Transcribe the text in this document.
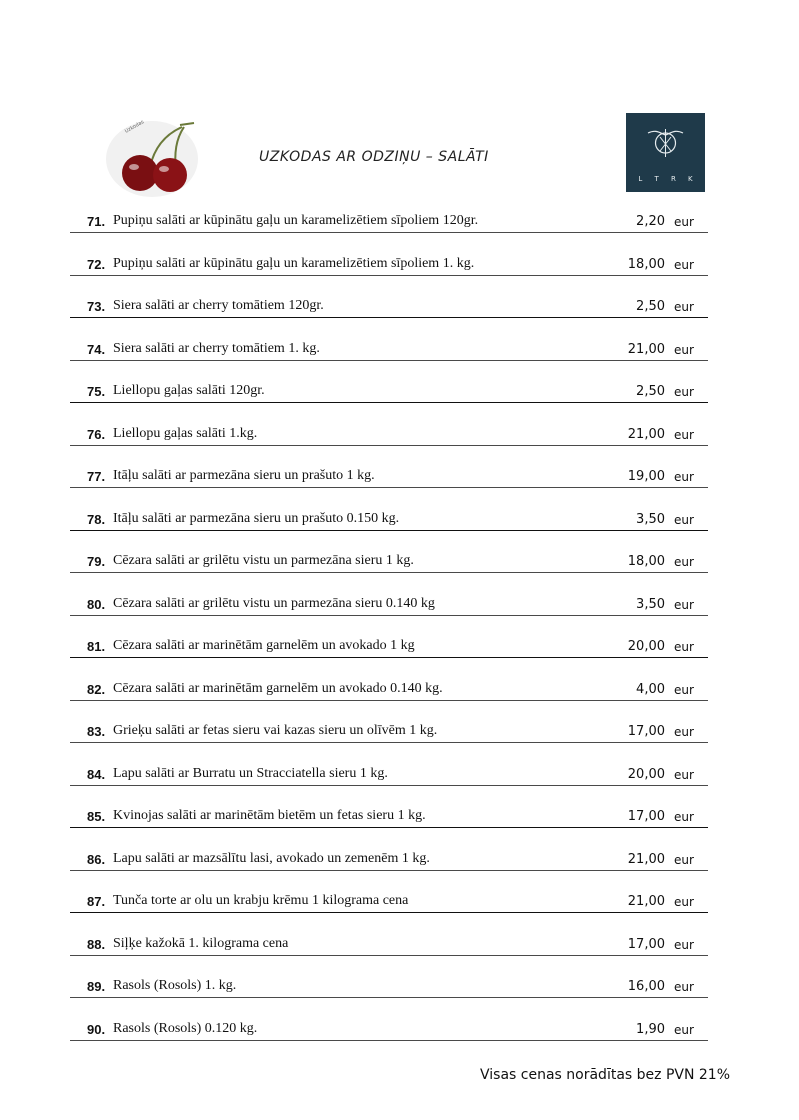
Uzkodas
UZKODAS AR ODZIŅU – SALĀTI
L T R K
71. Pupiņu salāti ar kūpinātu gaļu un karamelizētiem sīpoliem 120gr.	2,20 eur
72. Pupiņu salāti ar kūpinātu gaļu un karamelizētiem sīpoliem 1. kg.	18,00 eur
73. Siera salāti ar cherry tomātiem 120gr.	2,50 eur
74. Siera salāti ar cherry tomātiem 1. kg.	21,00 eur
75. Liellopu gaļas salāti 120gr.	2,50 eur
76. Liellopu gaļas salāti 1.kg.	21,00 eur
77. Itāļu salāti ar parmezāna sieru un prašuto 1 kg.	19,00 eur
78. Itāļu salāti ar parmezāna sieru un prašuto 0.150 kg.	3,50 eur
79. Cēzara salāti ar grilētu vistu un parmezāna sieru 1 kg.	18,00 eur
80. Cēzara salāti ar grilētu vistu un parmezāna sieru 0.140 kg	3,50 eur
81. Cēzara salāti ar marinētām garnelēm un avokado 1 kg	20,00 eur
82. Cēzara salāti ar marinētām garnelēm un avokado 0.140 kg.	4,00 eur
83. Grieķu salāti ar fetas sieru vai kazas sieru un olīvēm 1 kg.	17,00 eur
84. Lapu salāti ar Burratu un Stracciatella sieru 1 kg.	20,00 eur
85. Kvinojas salāti ar marinētām bietēm un fetas sieru 1 kg.	17,00 eur
86. Lapu salāti ar mazsālītu lasi, avokado un zemenēm 1 kg.	21,00 eur
87. Tunča torte ar olu un krabju krēmu 1 kilograma cena	21,00 eur
88. Siļķe kažokā 1. kilograma cena	17,00 eur
89. Rasols (Rosols) 1. kg.	16,00 eur
90. Rasols (Rosols) 0.120 kg.	1,90 eur
Visas cenas norādītas bez PVN 21%
